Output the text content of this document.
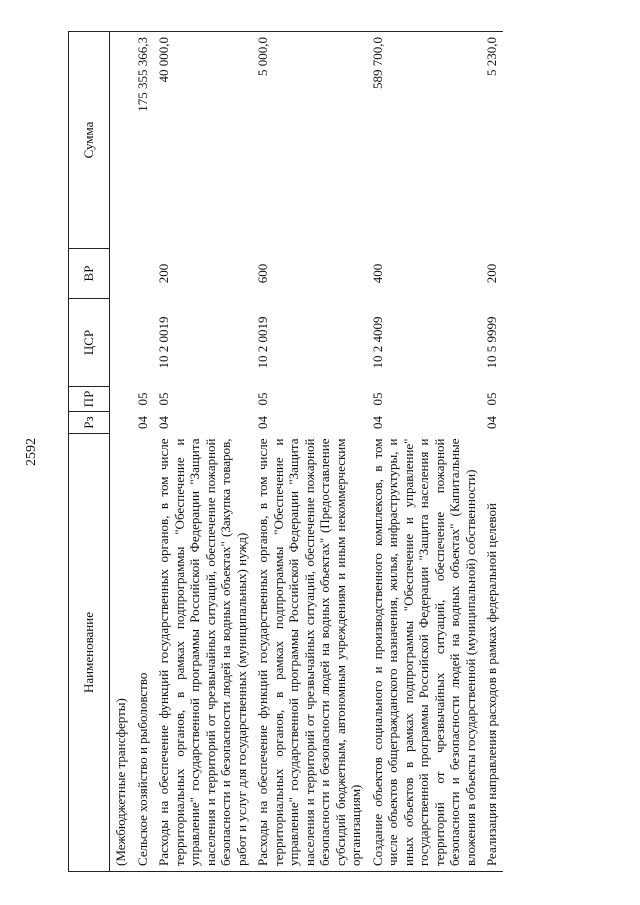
2592
Наименование	Рз	ПР	ЦСР	ВР	Сумма
(Межбюджетные трансферты)					
Сельское хозяйство и рыболовство	04	05			175 355 366,3
Расходы на обеспечение функций государственных органов, в том числе территориальных органов, в рамках подпрограммы "Обеспечение и управление" государственной программы Российской Федерации "Защита населения и территорий от чрезвычайных ситуаций, обеспечение пожарной безопасности и безопасности людей на водных объектах" (Закупка товаров, работ и услуг для государственных (муниципальных) нужд)	04	05	10 2 0019	200	40 000,0
Расходы на обеспечение функций государственных органов, в том числе территориальных органов, в рамках подпрограммы "Обеспечение и управление" государственной программы Российской Федерации "Защита населения и территорий от чрезвычайных ситуаций, обеспечение пожарной безопасности и безопасности людей на водных объектах" (Предоставление субсидий бюджетным, автономным учреждениям и иным некоммерческим организациям)	04	05	10 2 0019	600	5 000,0
Создание объектов социального и производственного комплексов, в том числе объектов общегражданского назначения, жилья, инфраструктуры, и иных объектов в рамках подпрограммы "Обеспечение и управление" государственной программы Российской Федерации "Защита населения и территорий от чрезвычайных ситуаций, обеспечение пожарной безопасности и безопасности людей на водных объектах" (Капитальные вложения в объекты государственной (муниципальной) собственности)	04	05	10 2 4009	400	589 700,0
Реализация направления расходов в рамках федеральной целевой	04	05	10 5 9999	200	5 230,0
